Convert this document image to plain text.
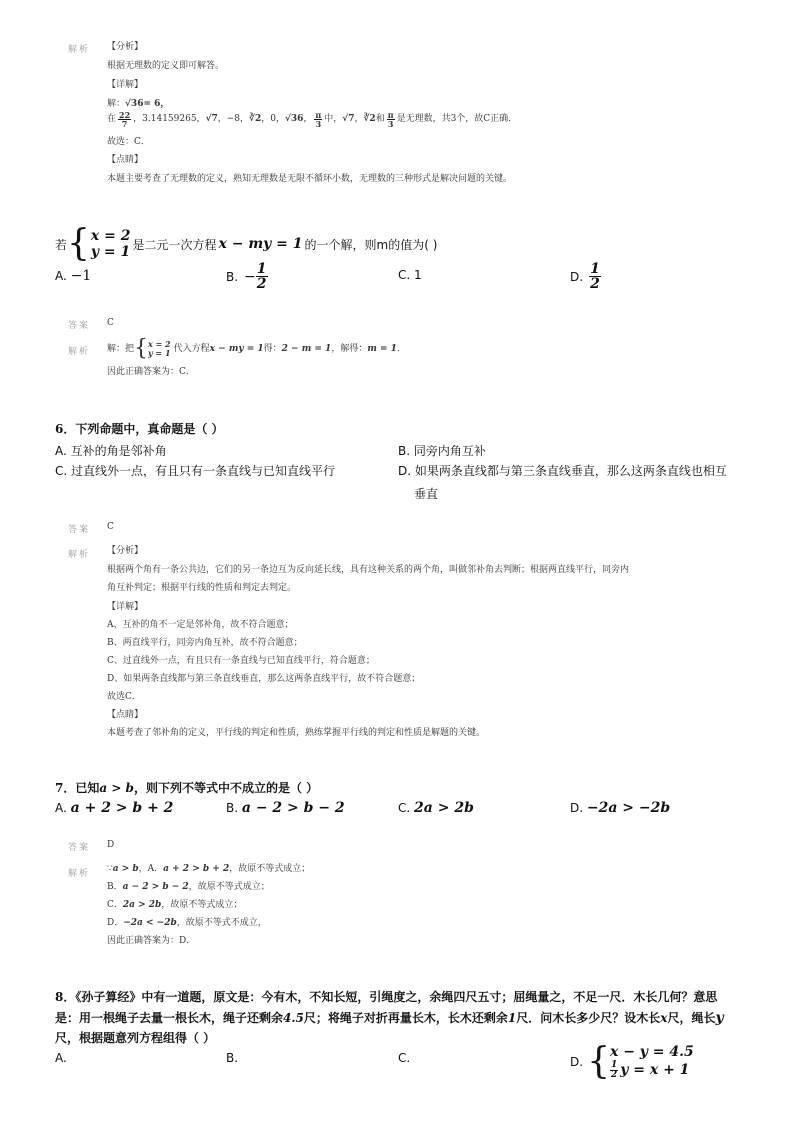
解析 【分析】
根据无理数的定义即可解答。
【详解】
解：√36= 6，
在 $\frac{22}{7}$ ，3.14159265， √7 ，−8， ∛2 ，0， √36 ， $\frac{\pi}{3}$ 中， √7 ， ∛2 和 $\frac{\pi}{3}$ 是无理数，共3个，故C正确．
故选：C．
【点睛】
本题主要考查了无理数的定义，熟知无理数是无限不循环小数，无理数的三种形式是解决问题的关键。
若 { x = 2
y = 1 是二元一次方程 x − my = 1 的一个解，则m的值为( )
A. −1	B. − $\frac{1}{2}$	C. 1	D. $\frac{1}{2}$
答案 C
解析 解：把 { x = 2
y = 1 代入方程 x − my = 1 得： 2 − m = 1 ，解得： m = 1 ．
因此正确答案为：C．
6．下列命题中，真命题是（ ）
A. 互补的角是邻补角	B. 同旁内角互补
C. 过直线外一点，有且只有一条直线与已知直线平行	D. 如果两条直线都与第三条直线垂直，那么这两条直线也相互
垂直
答案 C
解析 【分析】
根据两个角有一条公共边，它们的另一条边互为反向延长线，具有这种关系的两个角，叫做邻补角去判断；根据两直线平行，同旁内
角互补判定；根据平行线的性质和判定去判定。
【详解】
A、互补的角不一定是邻补角，故不符合题意；
B、两直线平行，同旁内角互补，故不符合题意；
C、过直线外一点，有且只有一条直线与已知直线平行，符合题意；
D、如果两条直线都与第三条直线垂直，那么这两条直线平行，故不符合题意；
故选C．
【点睛】
本题考查了邻补角的定义，平行线的判定和性质，熟练掌握平行线的判定和性质是解题的关键。
7．已知a > b，则下列不等式中不成立的是（ ）
A. a + 2 > b + 2	B. a − 2 > b − 2	C. 2a > 2b	D. −2a > −2b
答案 D
解析 ∵a > b，A．a + 2 > b + 2，故原不等式成立；
B．a − 2 > b − 2，故原不等式成立；
C．2a > 2b，故原不等式成立；
D．−2a < −2b，故原不等式不成立，
因此正确答案为：D．
8．《孙子算经》中有一道题，原文是：今有木，不知长短，引绳度之，余绳四尺五寸；屈绳量之，不足一尺．木长几何？意思
是：用一根绳子去量一根长木，绳子还剩余4.5尺；将绳子对折再量长木，长木还剩余1尺．问木长多少尺？设木长x尺，绳长y
尺，根据题意列方程组得（ ）
A.	B.	C.	D. { x − y = 4.5
$\frac{1}{2}$ y = x + 1
